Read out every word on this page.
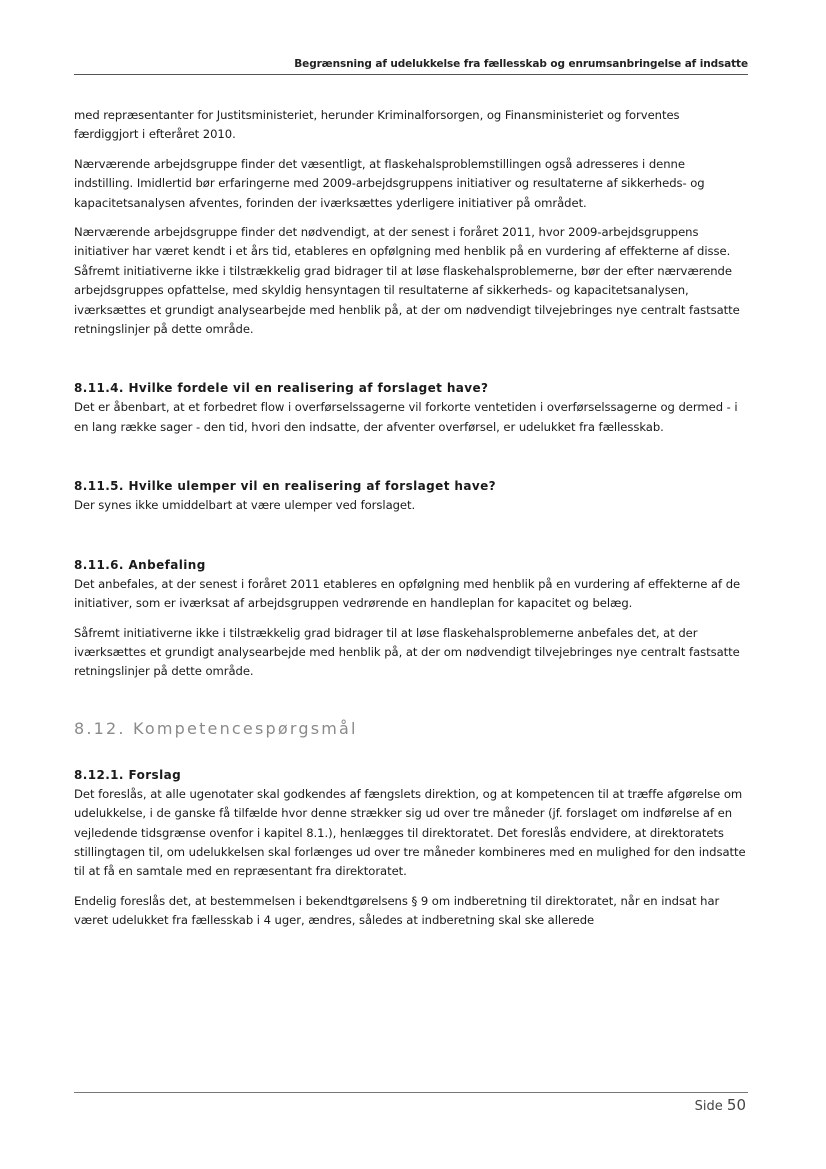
Begrænsning af udelukkelse fra fællesskab og enrumsanbringelse af indsatte

med repræsentanter for Justitsministeriet, herunder Kriminalforsorgen, og Finansministeriet og forventes færdiggjort i efteråret 2010.

Nærværende arbejdsgruppe finder det væsentligt, at flaskehalsproblemstillingen også adresseres i denne indstilling. Imidlertid bør erfaringerne med 2009-arbejdsgruppens initiativer og resultaterne af sikkerheds- og kapacitetsanalysen afventes, forinden der iværksættes yderligere initiativer på området.

Nærværende arbejdsgruppe finder det nødvendigt, at der senest i foråret 2011, hvor 2009-arbejdsgruppens initiativer har været kendt i et års tid, etableres en opfølgning med henblik på en vurdering af effekterne af disse. Såfremt initiativerne ikke i tilstrækkelig grad bidrager til at løse flaskehalsproblemerne, bør der efter nærværende arbejdsgruppes opfattelse, med skyldig hensyntagen til resultaterne af sikkerheds- og kapacitetsanalysen, iværksættes et grundigt analysearbejde med henblik på, at der om nødvendigt tilvejebringes nye centralt fastsatte retningslinjer på dette område.

8.11.4. Hvilke fordele vil en realisering af forslaget have?

Det er åbenbart, at et forbedret flow i overførselssagerne vil forkorte ventetiden i overførselssagerne og dermed - i en lang række sager - den tid, hvori den indsatte, der afventer overførsel, er udelukket fra fællesskab.

8.11.5. Hvilke ulemper vil en realisering af forslaget have?

Der synes ikke umiddelbart at være ulemper ved forslaget.

8.11.6. Anbefaling

Det anbefales, at der senest i foråret 2011 etableres en opfølgning med henblik på en vurdering af effekterne af de initiativer, som er iværksat af arbejdsgruppen vedrørende en handleplan for kapacitet og belæg.

Såfremt initiativerne ikke i tilstrækkelig grad bidrager til at løse flaskehalsproblemerne anbefales det, at der iværksættes et grundigt analysearbejde med henblik på, at der om nødvendigt tilvejebringes nye centralt fastsatte retningslinjer på dette område.

8.12. Kompetencespørgsmål
8.12.1. Forslag

Det foreslås, at alle ugenotater skal godkendes af fængslets direktion, og at kompetencen til at træffe afgørelse om udelukkelse, i de ganske få tilfælde hvor denne strækker sig ud over tre måneder (jf. forslaget om indførelse af en vejledende tidsgrænse ovenfor i kapitel 8.1.), henlægges til direktoratet. Det foreslås endvidere, at direktoratets stillingtagen til, om udelukkelsen skal forlænges ud over tre måneder kombineres med en mulighed for den indsatte til at få en samtale med en repræsentant fra direktoratet.

Endelig foreslås det, at bestemmelsen i bekendtgørelsens § 9 om indberetning til direktoratet, når en indsat har været udelukket fra fællesskab i 4 uger, ændres, således at indberetning skal ske allerede

Side 50
